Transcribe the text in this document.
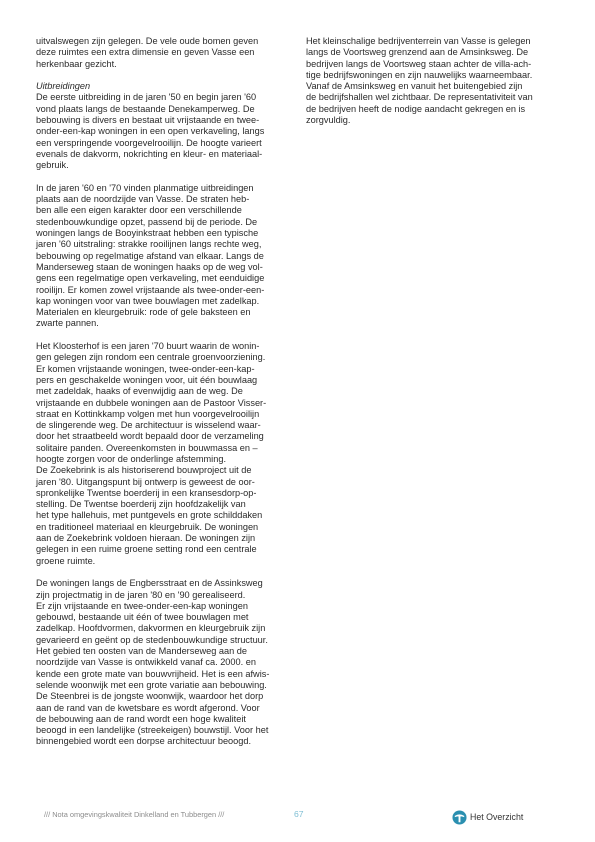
uitvalswegen zijn gelegen. De vele oude bomen geven
deze ruimtes een extra dimensie en geven Vasse een
herkenbaar gezicht.

Uitbreidingen

De eerste uitbreiding in de jaren '50 en begin jaren '60
vond plaats langs de bestaande Denekamperweg. De
bebouwing is divers en bestaat uit vrijstaande en twee-
onder-een-kap woningen in een open verkaveling, langs
een verspringende voorgevelrooilijn. De hoogte varieert
evenals de dakvorm, nokrichting en kleur- en materiaal-
gebruik.

In de jaren '60 en '70 vinden planmatige uitbreidingen
plaats aan de noordzijde van Vasse. De straten heb-
ben alle een eigen karakter door een verschillende
stedenbouwkundige opzet, passend bij de periode. De
woningen langs de Booyinkstraat hebben een typische
jaren '60 uitstraling: strakke rooilijnen langs rechte weg,
bebouwing op regelmatige afstand van elkaar. Langs de
Manderseweg staan de woningen haaks op de weg vol-
gens een regelmatige open verkaveling, met eenduidige
rooilijn. Er komen zowel vrijstaande als twee-onder-een-
kap woningen voor van twee bouwlagen met zadelkap.
Materialen en kleurgebruik: rode of gele baksteen en
zwarte pannen.

Het Kloosterhof is een jaren '70 buurt waarin de wonin-
gen gelegen zijn rondom een centrale groenvoorziening.
Er komen vrijstaande woningen, twee-onder-een-kap-
pers en geschakelde woningen voor, uit één bouwlaag
met zadeldak, haaks of evenwijdig aan de weg. De
vrijstaande en dubbele woningen aan de Pastoor Visser-
straat en Kottinkkamp volgen met hun voorgevelrooilijn
de slingerende weg. De architectuur is wisselend waar-
door het straatbeeld wordt bepaald door de verzameling
solitaire panden. Overeenkomsten in bouwmassa en –
hoogte zorgen voor de onderlinge afstemming.
De Zoekebrink is als historiserend bouwproject uit de
jaren '80. Uitgangspunt bij ontwerp is geweest de oor-
spronkelijke Twentse boerderij in een kransesdorp-op-
stelling. De Twentse boerderij zijn hoofdzakelijk van
het type hallehuis, met puntgevels en grote schilddaken
en traditioneel materiaal en kleurgebruik. De woningen
aan de Zoekebrink voldoen hieraan. De woningen zijn
gelegen in een ruime groene setting rond een centrale
groene ruimte.

De woningen langs de Engbersstraat en de Assinksweg
zijn projectmatig in de jaren '80 en '90 gerealiseerd.
Er zijn vrijstaande en twee-onder-een-kap woningen
gebouwd, bestaande uit één of twee bouwlagen met
zadelkap. Hoofdvormen, dakvormen en kleurgebruik zijn
gevarieerd en geënt op de stedenbouwkundige structuur.
Het gebied ten oosten van de Manderseweg aan de
noordzijde van Vasse is ontwikkeld vanaf ca. 2000. en
kende een grote mate van bouwvrijheid. Het is een afwis-
selende woonwijk met een grote variatie aan bebouwing.
De Steenbrei is de jongste woonwijk, waardoor het dorp
aan de rand van de kwetsbare es wordt afgerond. Voor
de bebouwing aan de rand wordt een hoge kwaliteit
beoogd in een landelijke (streekeigen) bouwstijl. Voor het
binnengebied wordt een dorpse architectuur beoogd.

Het kleinschalige bedrijventerrein van Vasse is gelegen
langs de Voortsweg grenzend aan de Amsinksweg. De
bedrijven langs de Voortsweg staan achter de villa-ach-
tige bedrijfswoningen en zijn nauwelijks waarneembaar.
Vanaf de Amsinksweg en vanuit het buitengebied zijn
de bedrijfshallen wel zichtbaar. De representativiteit van
de bedrijven heeft de nodige aandacht gekregen en is
zorgvuldig.

/// Nota omgevingskwaliteit Dinkelland en Tubbergen ///	67	Het Overzicht
